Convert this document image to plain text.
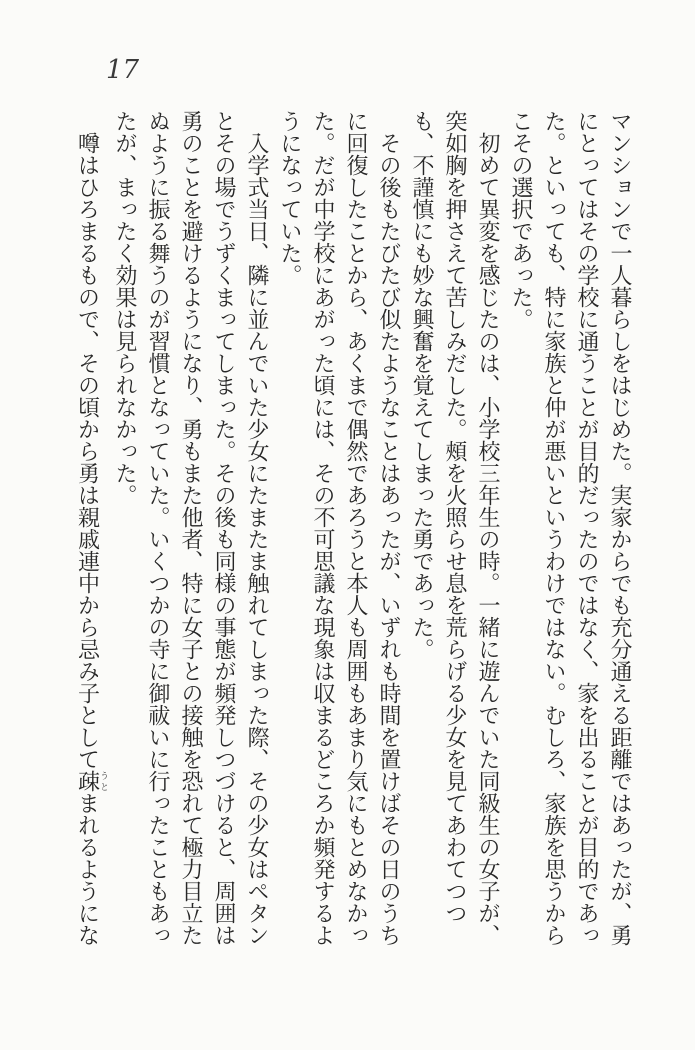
17

マンションで一人暮らしをはじめた。実家からでも充分通える距離ではあったが、勇にとってはその学校に通うことが目的だったのではなく、家を出ることが目的であった。といっても、特に家族と仲が悪いというわけではない。むしろ、家族を思うからこその選択であった。

　初めて異変を感じたのは、小学校三年生の時。一緒に遊んでいた同級生の女子が、突如胸を押さえて苦しみだした。頰を火照らせ息を荒らげる少女を見てあわてつつも、不謹慎にも妙な興奮を覚えてしまった勇であった。

　その後もたびたび似たようなことはあったが、いずれも時間を置けばその日のうちに回復したことから、あくまで偶然であろうと本人も周囲もあまり気にもとめなかった。だが中学校にあがった頃には、その不可思議な現象は収まるどころか頻発するようになっていた。

　入学式当日、隣に並んでいた少女にたまたま触れてしまった際、その少女はペタンとその場でうずくまってしまった。その後も同様の事態が頻発しつづけると、周囲は勇のことを避けるようになり、勇もまた他者、特に女子との接触を恐れて極力目立たぬように振る舞うのが習慣となっていた。いくつかの寺に御祓いに行ったこともあったが、まったく効果は見られなかった。

　噂はひろまるもので、その頃から勇は親戚連中から忌み子として疎うとまれるようにな
